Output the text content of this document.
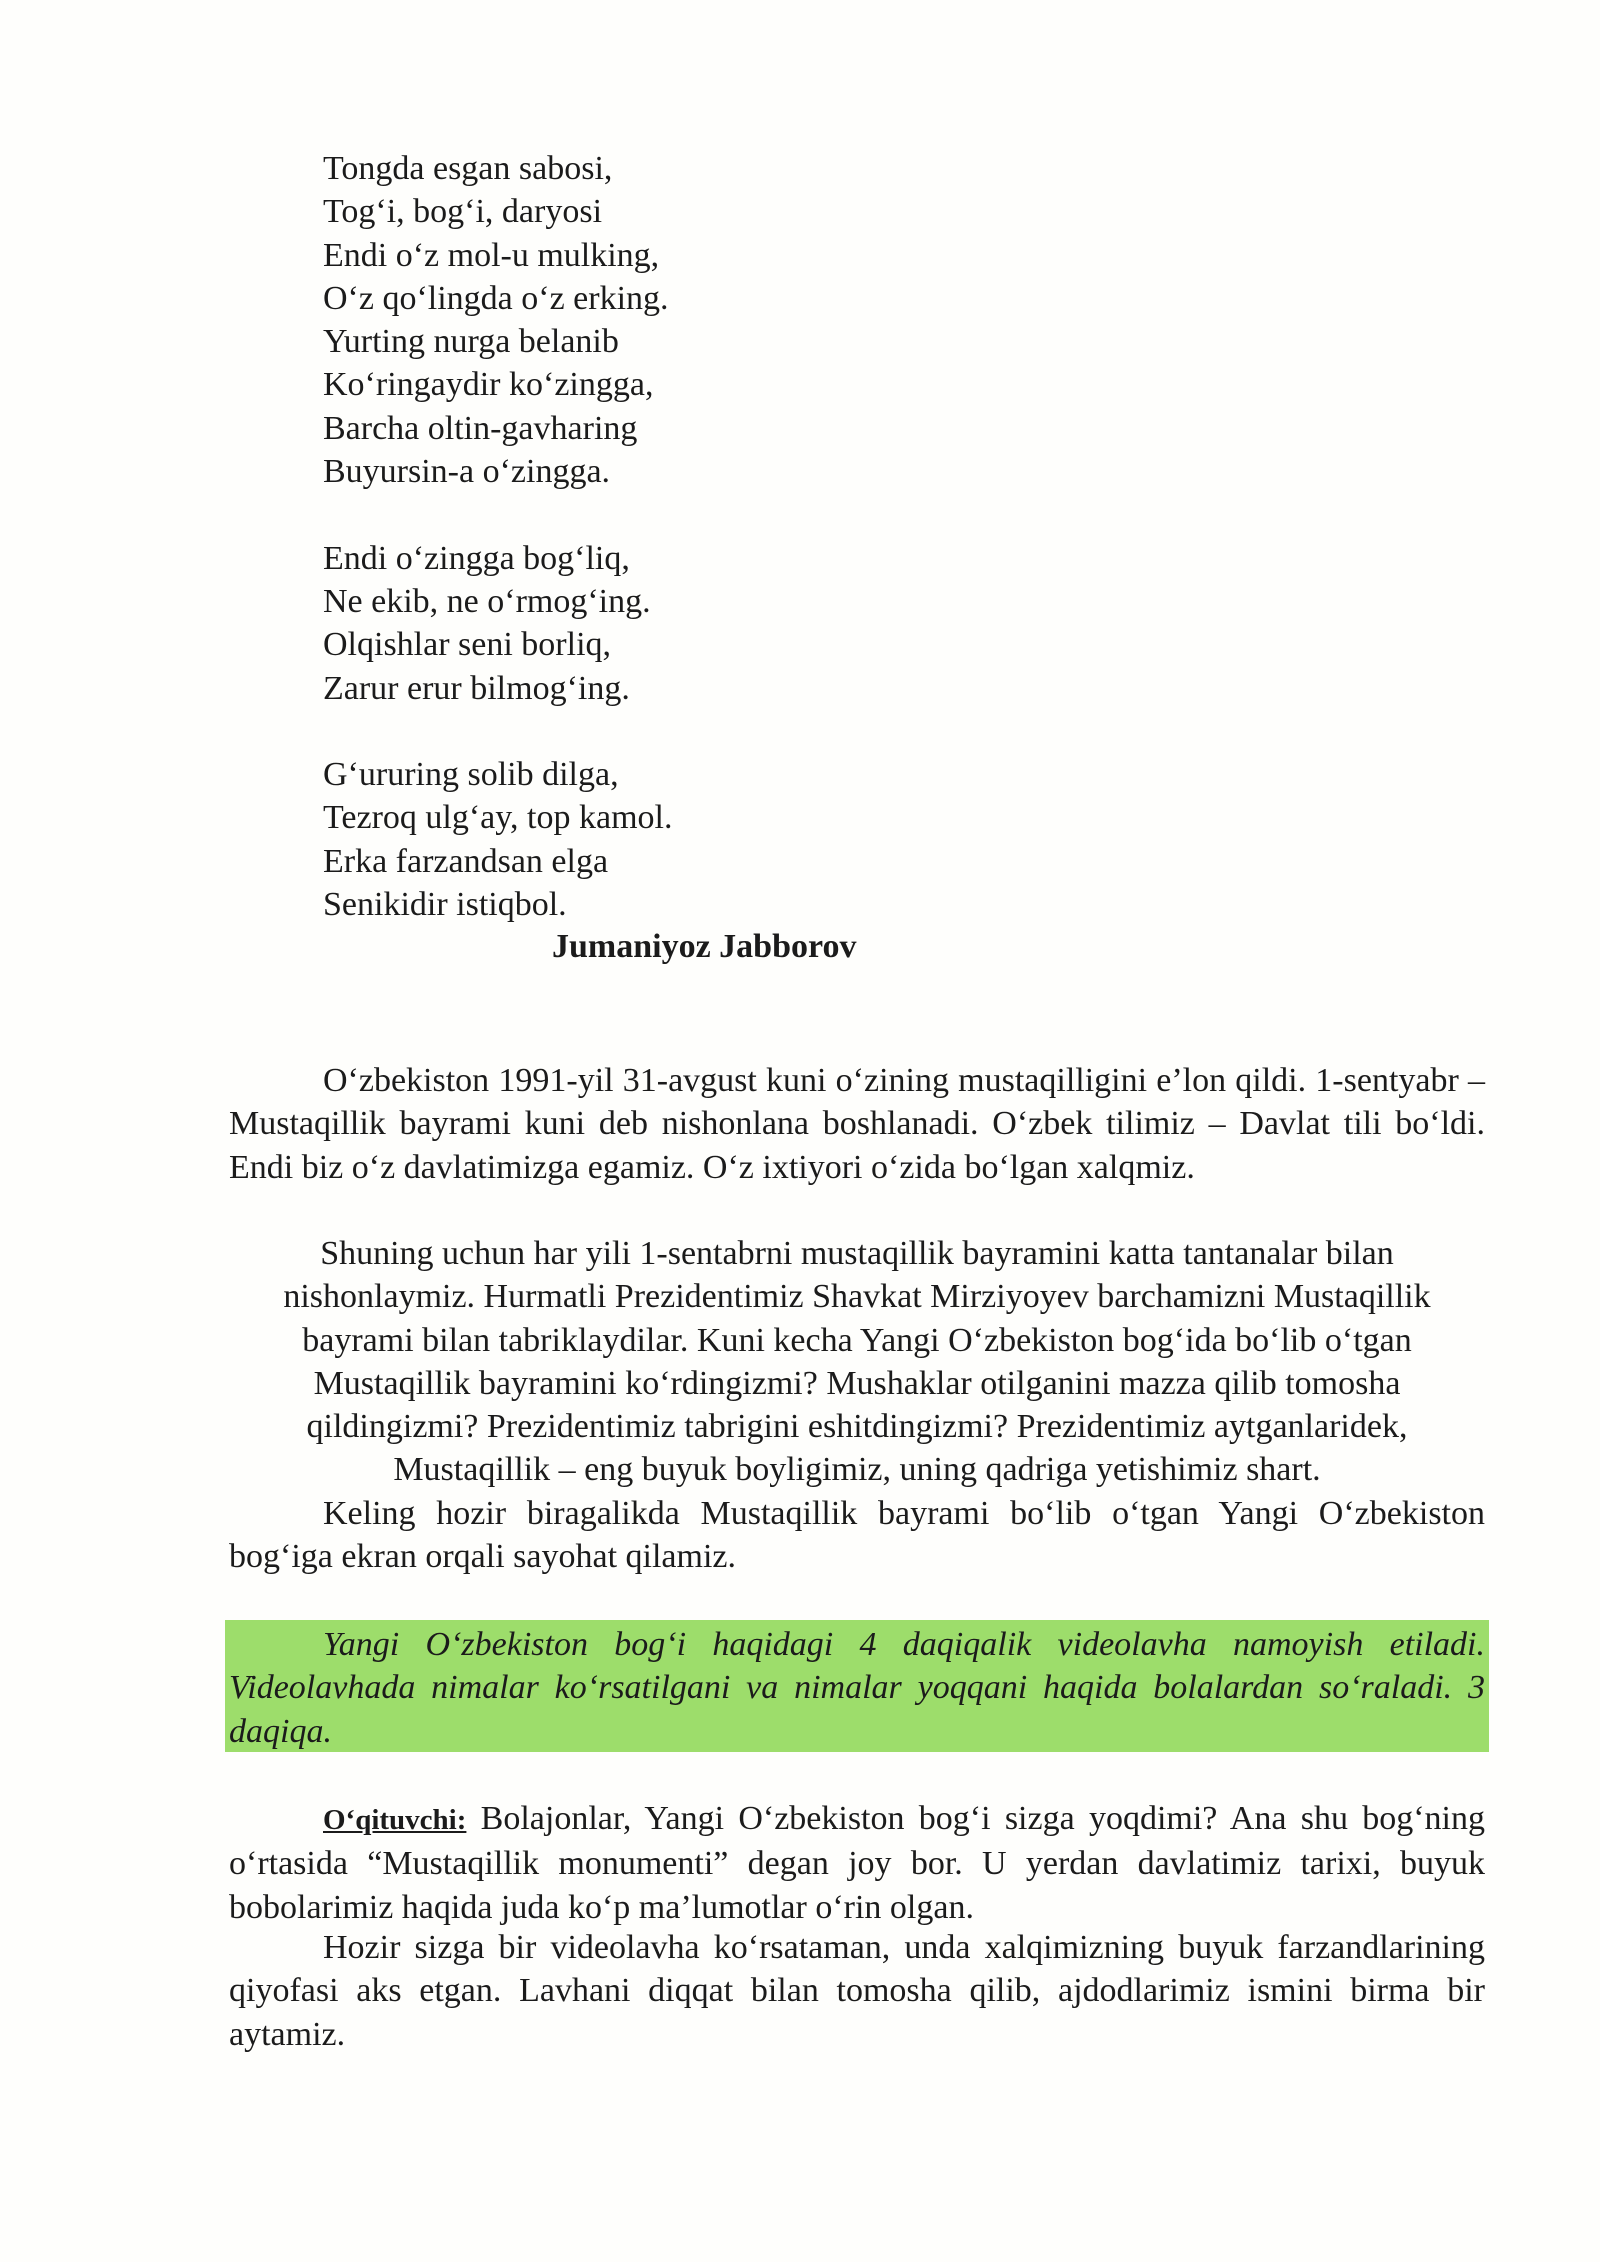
Tongda esgan sabosi,
Tog‘i, bog‘i, daryosi
Endi o‘z mol-u mulking,
O‘z qo‘lingda o‘z erking.
Yurting nurga belanib
Ko‘ringaydir ko‘zingga,
Barcha oltin-gavharing
Buyursin-a o‘zingga.
Endi o‘zingga bog‘liq,
Ne ekib, ne o‘rmog‘ing.
Olqishlar seni borliq,
Zarur erur bilmog‘ing.
G‘ururing solib dilga,
Tezroq ulg‘ay, top kamol.
Erka farzandsan elga
Senikidir istiqbol.
Jumaniyoz Jabborov

O‘zbekiston 1991-yil 31-avgust kuni o‘zining mustaqilligini e’lon qildi. 1-sentyabr – Mustaqillik bayrami kuni deb nishonlana boshlanadi. O‘zbek tilimiz – Davlat tili bo‘ldi. Endi biz o‘z davlatimizga egamiz. O‘z ixtiyori o‘zida bo‘lgan xalqmiz.

Shuning uchun har yili 1-sentabrni mustaqillik bayramini katta tantanalar bilan nishonlaymiz. Hurmatli Prezidentimiz Shavkat Mirziyoyev barchamizni Mustaqillik bayrami bilan tabriklaydilar. Kuni kecha Yangi O‘zbekiston bog‘ida bo‘lib o‘tgan Mustaqillik bayramini ko‘rdingizmi? Mushaklar otilganini mazza qilib tomosha qildingizmi? Prezidentimiz tabrigini eshitdingizmi? Prezidentimiz aytganlaridek, Mustaqillik – eng buyuk boyligimiz, uning qadriga yetishimiz shart.

Keling hozir biragalikda Mustaqillik bayrami bo‘lib o‘tgan Yangi O‘zbekiston bog‘iga ekran orqali sayohat qilamiz.

Yangi O‘zbekiston bog‘i haqidagi 4 daqiqalik videolavha namoyish etiladi. Videolavhada nimalar ko‘rsatilgani va nimalar yoqqani haqida bolalardan so‘raladi. 3 daqiqa.

O‘qituvchi: Bolajonlar, Yangi O‘zbekiston bog‘i sizga yoqdimi? Ana shu bog‘ning o‘rtasida “Mustaqillik monumenti” degan joy bor. U yerdan davlatimiz tarixi, buyuk bobolarimiz haqida juda ko‘p ma’lumotlar o‘rin olgan.

Hozir sizga bir videolavha ko‘rsataman, unda xalqimizning buyuk farzandlarining qiyofasi aks etgan. Lavhani diqqat bilan tomosha qilib, ajdodlarimiz ismini birma bir aytamiz.
